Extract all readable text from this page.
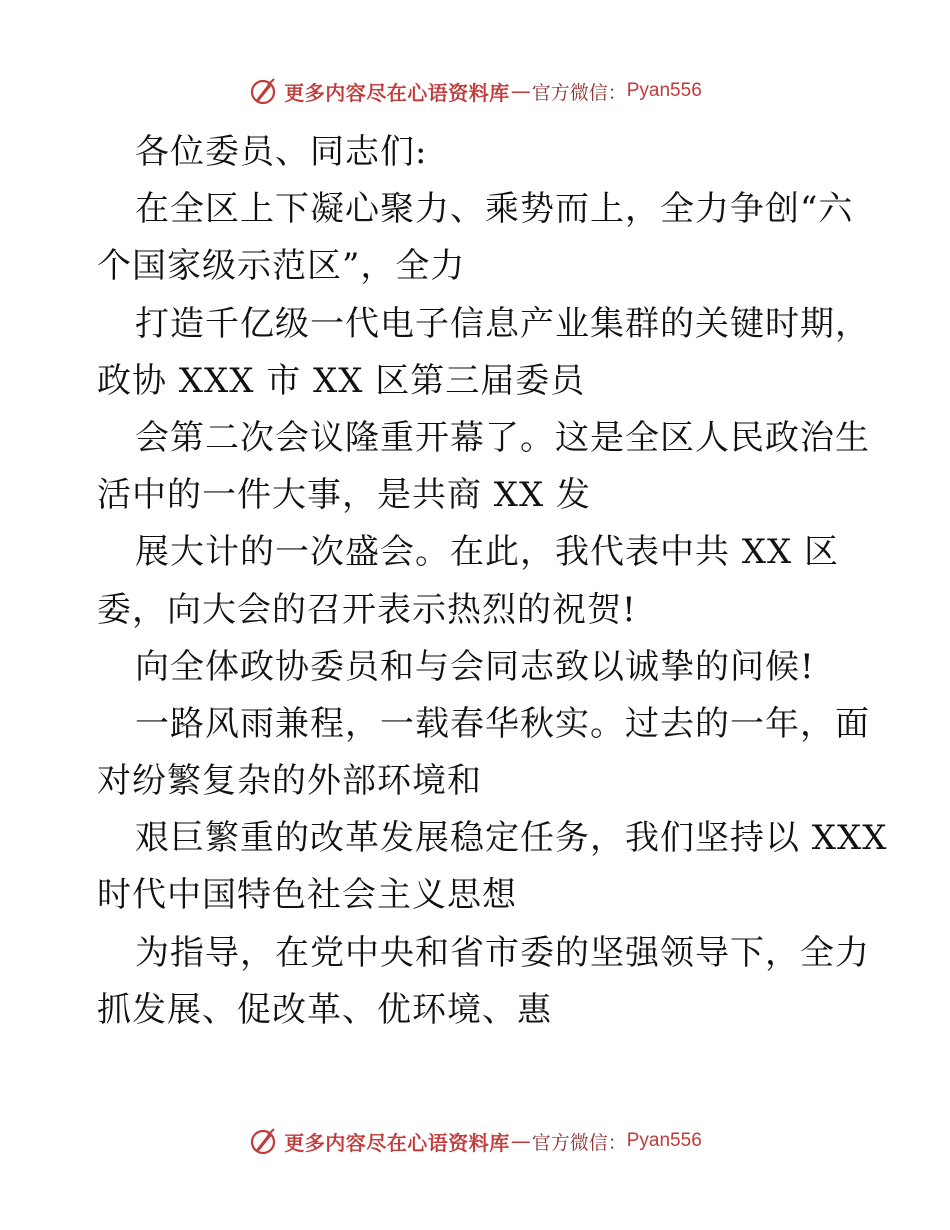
更多内容尽在心语资料库 — 官方微信： Pyan556
各位委员、同志们:
在全区上下凝心聚力、乘势而上，全力争创“六
个国家级示范区”，全力
打造千亿级一代电子信息产业集群的关键时期，
政协 XXX 市 XX 区第三届委员
会第二次会议隆重开幕了。这是全区人民政治生
活中的一件大事，是共商 XX 发
展大计的一次盛会。在此，我代表中共 XX 区
委，向大会的召开表示热烈的祝贺!
向全体政协委员和与会同志致以诚挚的问候!
一路风雨兼程，一载春华秋实。过去的一年，面
对纷繁复杂的外部环境和
艰巨繁重的改革发展稳定任务，我们坚持以 XXX
时代中国特色社会主义思想
为指导，在党中央和省市委的坚强领导下，全力
抓发展、促改革、优环境、惠
更多内容尽在心语资料库 — 官方微信： Pyan556
